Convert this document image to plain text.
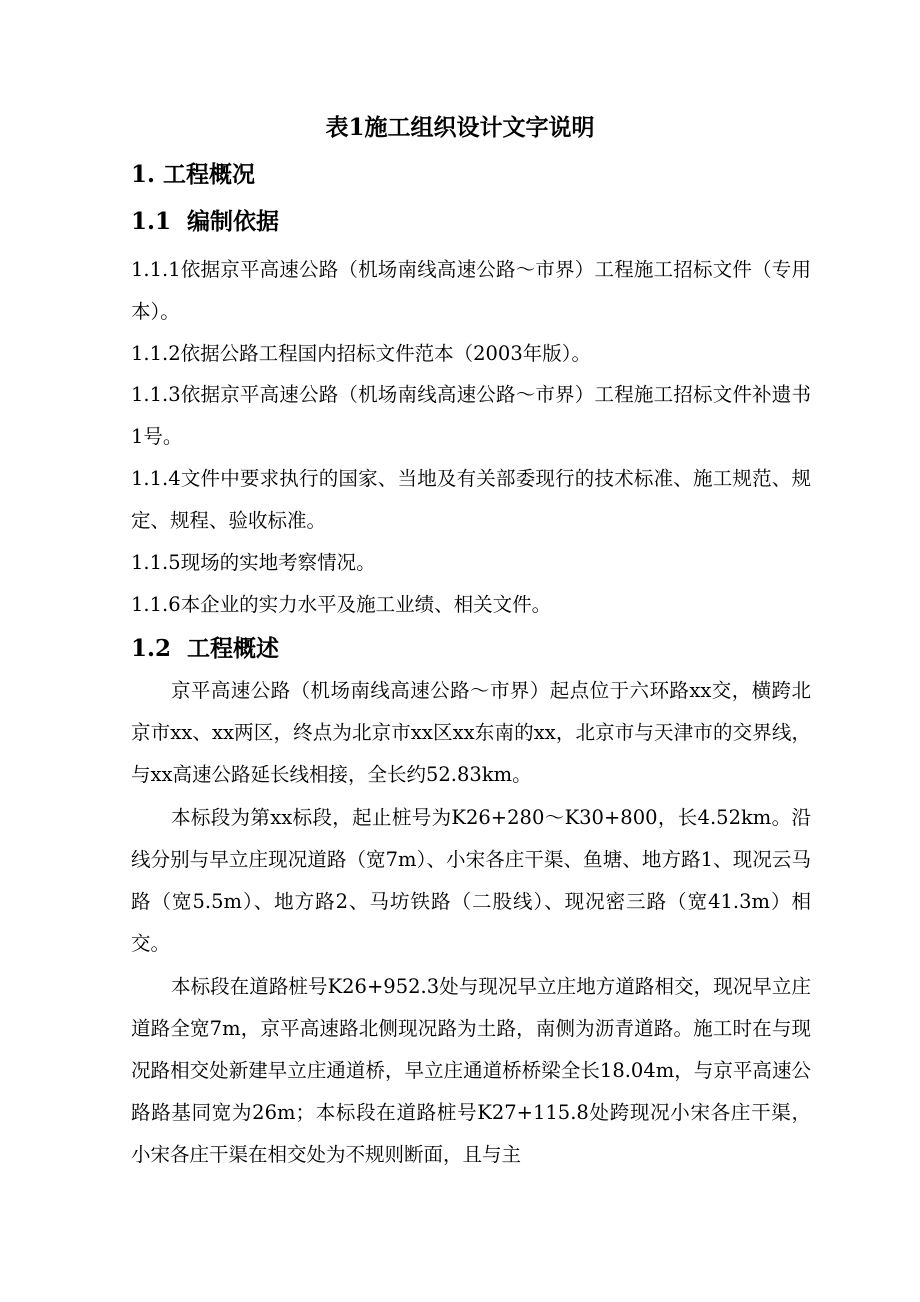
表1施工组织设计文字说明
1. 工程概况
1.1 编制依据
1.1.1依据京平高速公路（机场南线高速公路～市界）工程施工招标文件（专用本）。
1.1.2依据公路工程国内招标文件范本（2003年版）。
1.1.3依据京平高速公路（机场南线高速公路～市界）工程施工招标文件补遗书1号。
1.1.4文件中要求执行的国家、当地及有关部委现行的技术标准、施工规范、规定、规程、验收标准。
1.1.5现场的实地考察情况。
1.1.6本企业的实力水平及施工业绩、相关文件。
1.2 工程概述
京平高速公路（机场南线高速公路～市界）起点位于六环路xx交，横跨北京市xx、xx两区，终点为北京市xx区xx东南的xx，北京市与天津市的交界线，与xx高速公路延长线相接，全长约52.83km。
本标段为第xx标段，起止桩号为K26+280～K30+800，长4.52km。沿线分别与早立庄现况道路（宽7m）、小宋各庄干渠、鱼塘、地方路1、现况云马路（宽5.5m）、地方路2、马坊铁路（二股线）、现况密三路（宽41.3m）相交。
本标段在道路桩号K26+952.3处与现况早立庄地方道路相交，现况早立庄道路全宽7m，京平高速路北侧现况路为土路，南侧为沥青道路。施工时在与现况路相交处新建早立庄通道桥，早立庄通道桥桥梁全长18.04m，与京平高速公路路基同宽为26m；本标段在道路桩号K27+115.8处跨现况小宋各庄干渠，小宋各庄干渠在相交处为不规则断面，且与主
